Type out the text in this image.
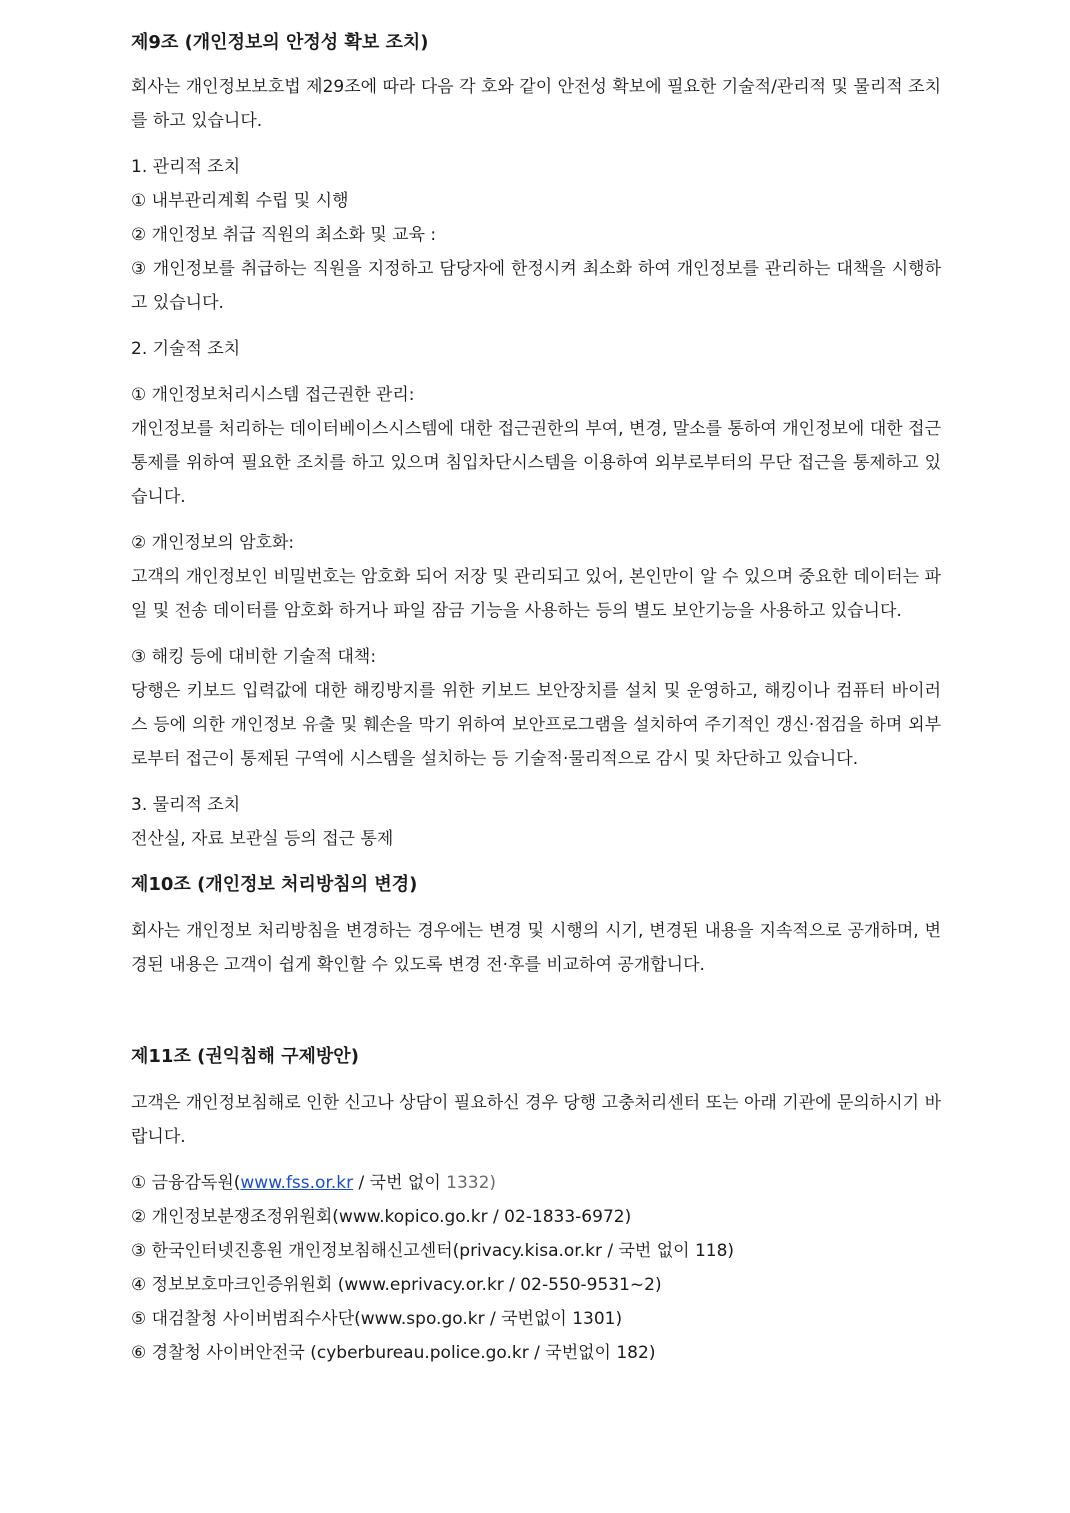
제9조 (개인정보의 안정성 확보 조치)

회사는 개인정보보호법 제29조에 따라 다음 각 호와 같이 안전성 확보에 필요한 기술적/관리적 및 물리적 조치를 하고 있습니다.

1. 관리적 조치

① 내부관리계획 수립 및 시행

② 개인정보 취급 직원의 최소화 및 교육 :

③ 개인정보를 취급하는 직원을 지정하고 담당자에 한정시켜 최소화 하여 개인정보를 관리하는 대책을 시행하고 있습니다.

2. 기술적 조치

① 개인정보처리시스템 접근권한 관리:

개인정보를 처리하는 데이터베이스시스템에 대한 접근권한의 부여, 변경, 말소를 통하여 개인정보에 대한 접근통제를 위하여 필요한 조치를 하고 있으며 침입차단시스템을 이용하여 외부로부터의 무단 접근을 통제하고 있습니다.

② 개인정보의 암호화:

고객의 개인정보인 비밀번호는 암호화 되어 저장 및 관리되고 있어, 본인만이 알 수 있으며 중요한 데이터는 파일 및 전송 데이터를 암호화 하거나 파일 잠금 기능을 사용하는 등의 별도 보안기능을 사용하고 있습니다.

③ 해킹 등에 대비한 기술적 대책:

당행은 키보드 입력값에 대한 해킹방지를 위한 키보드 보안장치를 설치 및 운영하고, 해킹이나 컴퓨터 바이러스 등에 의한 개인정보 유출 및 훼손을 막기 위하여 보안프로그램을 설치하여 주기적인 갱신·점검을 하며 외부로부터 접근이 통제된 구역에 시스템을 설치하는 등 기술적·물리적으로 감시 및 차단하고 있습니다.

3. 물리적 조치

전산실, 자료 보관실 등의 접근 통제

제10조 (개인정보 처리방침의 변경)

회사는 개인정보 처리방침을 변경하는 경우에는 변경 및 시행의 시기, 변경된 내용을 지속적으로 공개하며, 변경된 내용은 고객이 쉽게 확인할 수 있도록 변경 전·후를 비교하여 공개합니다.

제11조 (권익침해 구제방안)

고객은 개인정보침해로 인한 신고나 상담이 필요하신 경우 당행 고충처리센터 또는 아래 기관에 문의하시기 바랍니다.

① 금융감독원(www.fss.or.kr / 국번 없이 1332)

② 개인정보분쟁조정위원회(www.kopico.go.kr / 02-1833-6972)

③ 한국인터넷진흥원 개인정보침해신고센터(privacy.kisa.or.kr / 국번 없이 118)

④ 정보보호마크인증위원회 (www.eprivacy.or.kr / 02-550-9531~2)

⑤ 대검찰청 사이버범죄수사단(www.spo.go.kr / 국번없이 1301)

⑥ 경찰청 사이버안전국 (cyberbureau.police.go.kr / 국번없이 182)
